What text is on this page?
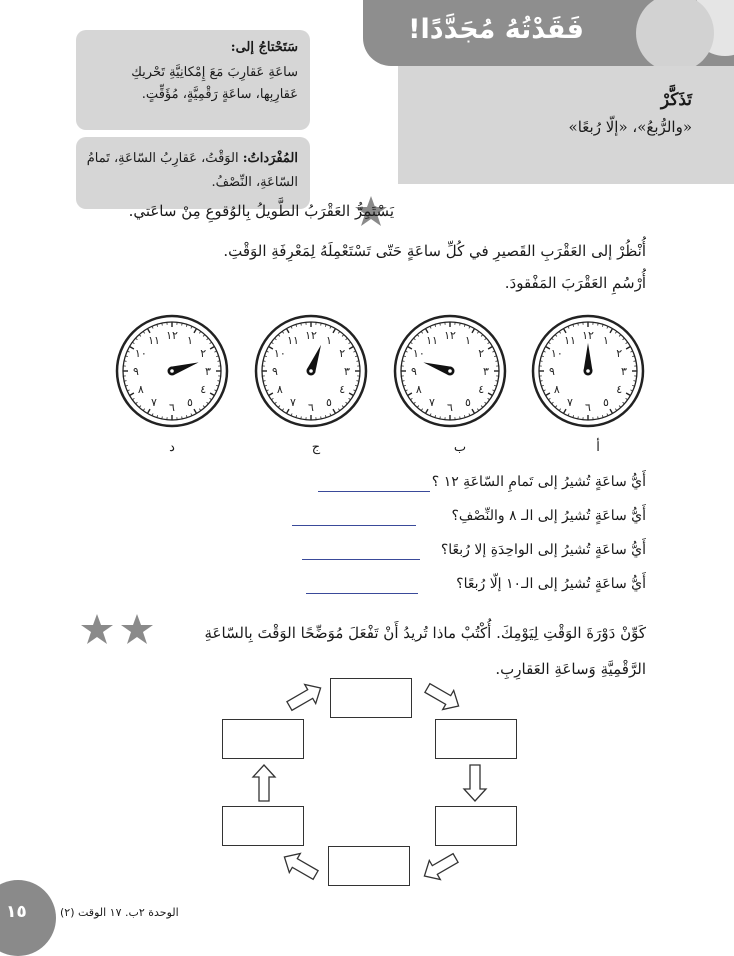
فَقَدْتُهُ مُجَدَّدًا!
تَذَكَّرْ
«والرُّبعُ»، «إلّا رُبعًا»
سَتَحْتاجُ إلى:
ساعَةِ عَقارِبَ مَعَ إِمْكانِيَّةِ تَحْريكِ عَقارِبِها، ساعَةٍ رَقْمِيَّةٍ، مُؤَقِّتٍ.
المُفْرَداتُ: الوَقْتُ، عَقارِبُ السّاعَةِ، تَمامُ السّاعَةِ، النِّصْفُ.
يَسْتَمِرُّ العَقْرَبُ الطَّويلُ بِالوُقوعِ مِنْ ساعَتي.
أُنْظُرْ إلى العَقْرَبِ القَصيرِ في كُلِّ ساعَةٍ حَتّى تَسْتَعْمِلَهُ لِمَعْرِفَةِ الوَقْتِ.
أُرْسُمِ العَقْرَبَ المَفْقودَ.
١٢ ١
٢
٣
٤
٥
٦
٧
٨
٩
١٠
١١
١٢ ١
٢
٣
٤
٥
٦
٧
٨
٩
١٠
١١
١٢ ١
٢
٣
٤
٥
٦
٧
٨
٩
١٠
١١
١٢ ١
٢
٣
٤
٥
٦
٧
٨
٩
١٠
١١
أ
ب
ج
د
أَيُّ ساعَةٍ تُشيرُ إلى تَمامِ السّاعَةِ ١٢ ؟
أَيُّ ساعَةٍ تُشيرُ إلى الـ ٨ والنِّصْفِ؟
أَيُّ ساعَةٍ تُشيرُ إلى الواحِدَةِ إلا رُبعًا؟
أَيُّ ساعَةٍ تُشيرُ إلى الـ١٠ إلّا رُبعًا؟
كَوِّنْ دَوْرَةَ الوَقْتِ لِيَوْمِكَ. أُكْتُبْ ماذا تُريدُ أَنْ تَفْعَلَ مُوَضِّحًا الوَقْتَ بِالسّاعَةِ
الرَّقْمِيَّةِ وَساعَةِ العَقارِبِ.
١٥	الوحدة ٢ب. ١٧ الوقت (٢)
